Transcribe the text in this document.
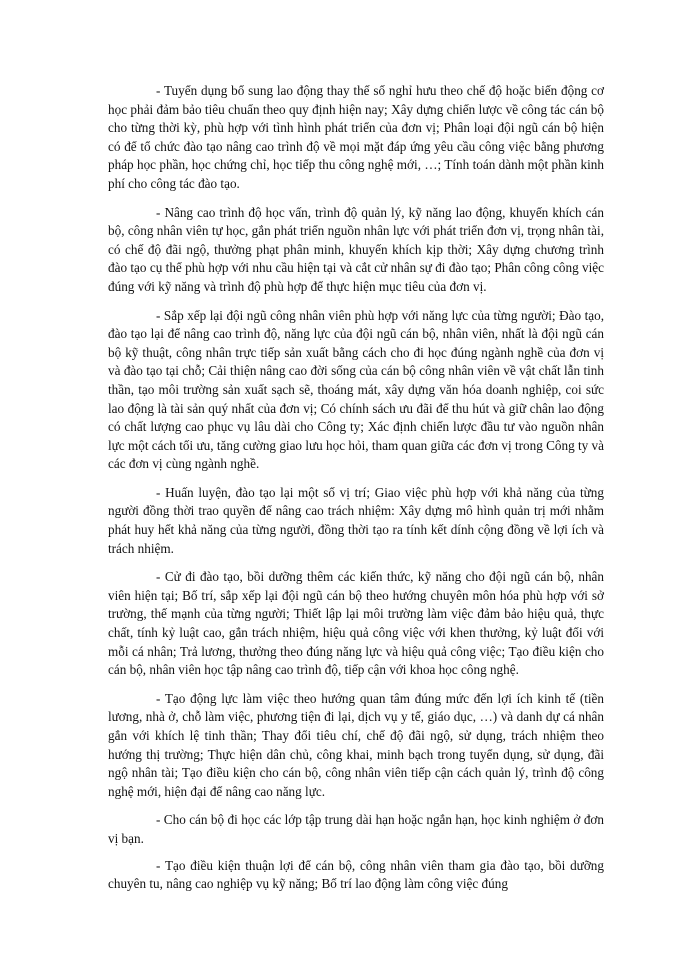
- Tuyển dụng bổ sung lao động thay thế số nghỉ hưu theo chế độ hoặc biến động cơ học phải đảm bảo tiêu chuẩn theo quy định hiện nay; Xây dựng chiến lược về công tác cán bộ cho từng thời kỳ, phù hợp với tình hình phát triển của đơn vị; Phân loại đội ngũ cán bộ hiện có để tổ chức đào tạo nâng cao trình độ về mọi mặt đáp ứng yêu cầu công việc bằng phương pháp học phần, học chứng chỉ, học tiếp thu công nghệ mới, …; Tính toán dành một phần kinh phí cho công tác đào tạo.

- Nâng cao trình độ học vấn, trình độ quản lý, kỹ năng lao động, khuyến khích cán bộ, công nhân viên tự học, gắn phát triển nguồn nhân lực với phát triển đơn vị, trọng nhân tài, có chế độ đãi ngộ, thưởng phạt phân minh, khuyến khích kịp thời; Xây dựng chương trình đào tạo cụ thể phù hợp với nhu cầu hiện tại và cắt cử nhân sự đi đào tạo; Phân công công việc đúng với kỹ năng và trình độ phù hợp để thực hiện mục tiêu của đơn vị.

- Sắp xếp lại đội ngũ công nhân viên phù hợp với năng lực của từng người; Đào tạo, đào tạo lại để nâng cao trình độ, năng lực của đội ngũ cán bộ, nhân viên, nhất là đội ngũ cán bộ kỹ thuật, công nhân trực tiếp sản xuất bằng cách cho đi học đúng ngành nghề của đơn vị và đào tạo tại chỗ; Cải thiện nâng cao đời sống của cán bộ công nhân viên về vật chất lẫn tinh thần, tạo môi trường sản xuất sạch sẽ, thoáng mát, xây dựng văn hóa doanh nghiệp, coi sức lao động là tài sản quý nhất của đơn vị; Có chính sách ưu đãi để thu hút và giữ chân lao động có chất lượng cao phục vụ lâu dài cho Công ty; Xác định chiến lược đầu tư vào nguồn nhân lực một cách tối ưu, tăng cường giao lưu học hỏi, tham quan giữa các đơn vị trong Công ty và các đơn vị cùng ngành nghề.

- Huấn luyện, đào tạo lại một số vị trí; Giao việc phù hợp với khả năng của từng người đồng thời trao quyền để nâng cao trách nhiệm: Xây dựng mô hình quản trị mới nhằm phát huy hết khả năng của từng người, đồng thời tạo ra tính kết dính cộng đồng về lợi ích và trách nhiệm.

- Cử đi đào tạo, bồi dưỡng thêm các kiến thức, kỹ năng cho đội ngũ cán bộ, nhân viên hiện tại; Bố trí, sắp xếp lại đội ngũ cán bộ theo hướng chuyên môn hóa phù hợp với sở trường, thế mạnh của từng người; Thiết lập lại môi trường làm việc đảm bảo hiệu quả, thực chất, tính kỷ luật cao, gắn trách nhiệm, hiệu quả công việc với khen thưởng, kỷ luật đối với mỗi cá nhân; Trả lương, thưởng theo đúng năng lực và hiệu quả công việc; Tạo điều kiện cho cán bộ, nhân viên học tập nâng cao trình độ, tiếp cận với khoa học công nghệ.

- Tạo động lực làm việc theo hướng quan tâm đúng mức đến lợi ích kinh tế (tiền lương, nhà ở, chỗ làm việc, phương tiện đi lại, dịch vụ y tế, giáo dục, …) và danh dự cá nhân gắn với khích lệ tinh thần; Thay đổi tiêu chí, chế độ đãi ngộ, sử dụng, trách nhiệm theo hướng thị trường; Thực hiện dân chủ, công khai, minh bạch trong tuyển dụng, sử dụng, đãi ngộ nhân tài; Tạo điều kiện cho cán bộ, công nhân viên tiếp cận cách quản lý, trình độ công nghệ mới, hiện đại để nâng cao năng lực.

- Cho cán bộ đi học các lớp tập trung dài hạn hoặc ngắn hạn, học kinh nghiệm ở đơn vị bạn.

- Tạo điều kiện thuận lợi để cán bộ, công nhân viên tham gia đào tạo, bồi dưỡng chuyên tu, nâng cao nghiệp vụ kỹ năng; Bố trí lao động làm công việc đúng
